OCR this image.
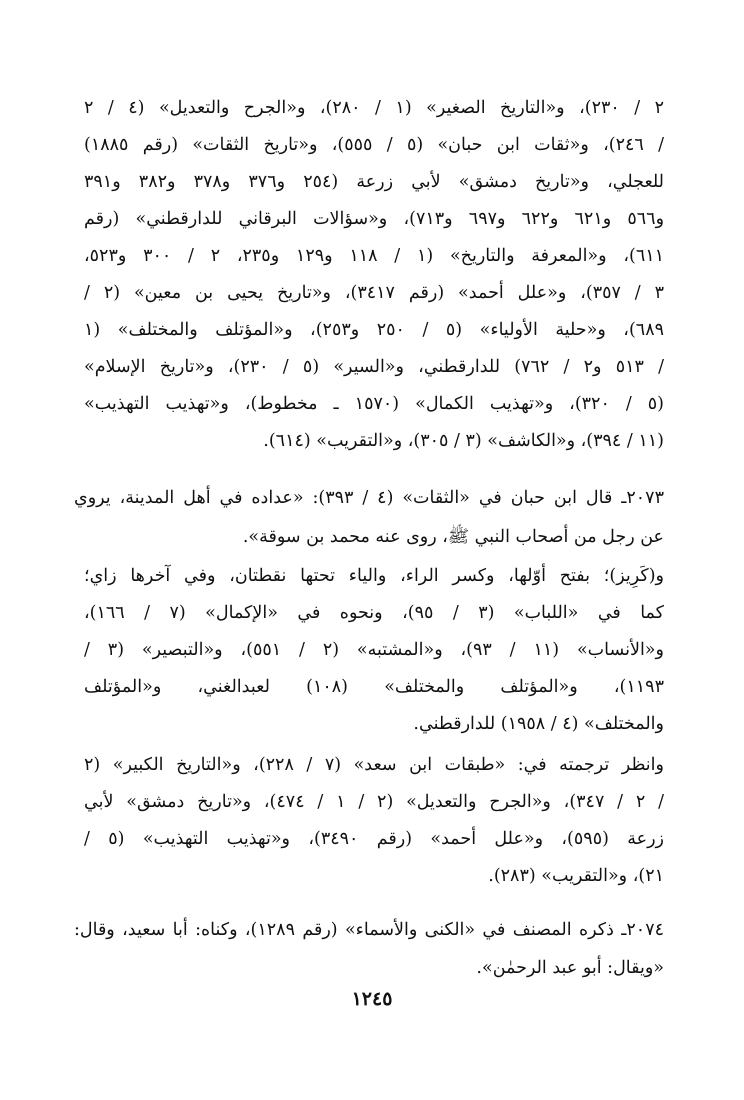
٢ / ٢٣٠)، و«التاريخ الصغير» (١ / ٢٨٠)، و«الجرح والتعديل» (٤ / ٢
/ ٢٤٦)، و«ثقات ابن حبان» (٥ / ٥٥٥)، و«تاريخ الثقات» (رقم ١٨٨٥)
للعجلي، و«تاريخ دمشق» لأبي زرعة (٢٥٤ و٣٧٦ و٣٧٨ و٣٨٢ و٣٩١
و٥٦٦ و٦٢١ و٦٢٢ و٦٩٧ و٧١٣)، و«سؤالات البرقاني للدارقطني» (رقم
٦١١)، و«المعرفة والتاريخ» (١ / ١١٨ و١٢٩ و٢٣٥، ٢ / ٣٠٠ و٥٢٣،
٣ / ٣٥٧)، و«علل أحمد» (رقم ٣٤١٧)، و«تاريخ يحيى بن معين» (٢ /
٦٨٩)، و«حلية الأولياء» (٥ / ٢٥٠ و٢٥٣)، و«المؤتلف والمختلف» (١
/ ٥١٣ و٢ / ٧٦٢) للدارقطني، و«السير» (٥ / ٢٣٠)، و«تاريخ الإسلام»
(٥ / ٣٢٠)، و«تهذيب الكمال» (١٥٧٠ ـ مخطوط)، و«تهذيب التهذيب»
(١١ / ٣٩٤)، و«الكاشف» (٣ / ٣٠٥)، و«التقريب» (٦١٤).
٢٠٧٣ـ قال ابن حبان في «الثقات» (٤ / ٣٩٣): «عداده في أهل المدينة، يروي
عن رجل من أصحاب النبي ﷺ، روى عنه محمد بن سوقة».
و(كَرِيز)؛ بفتح أوّلها، وكسر الراء، والياء تحتها نقطتان، وفي آخرها زاي؛
كما في «اللباب» (٣ / ٩٥)، ونحوه في «الإكمال» (٧ / ١٦٦)،
و«الأنساب» (١١ / ٩٣)، و«المشتبه» (٢ / ٥٥١)، و«التبصير» (٣ /
١١٩٣)، و«المؤتلف والمختلف» (١٠٨) لعبدالغني، و«المؤتلف
والمختلف» (٤ / ١٩٥٨) للدارقطني.
وانظر ترجمته في: «طبقات ابن سعد» (٧ / ٢٢٨)، و«التاريخ الكبير» (٢
/ ٢ / ٣٤٧)، و«الجرح والتعديل» (٢ / ١ / ٤٧٤)، و«تاريخ دمشق» لأبي
زرعة (٥٩٥)، و«علل أحمد» (رقم ٣٤٩٠)، و«تهذيب التهذيب» (٥ /
٢١)، و«التقريب» (٢٨٣).
٢٠٧٤ـ ذكره المصنف في «الكنى والأسماء» (رقم ١٢٨٩)، وكناه: أبا سعيد، وقال:
«ويقال: أبو عبد الرحمٰن».
١٢٤٥
